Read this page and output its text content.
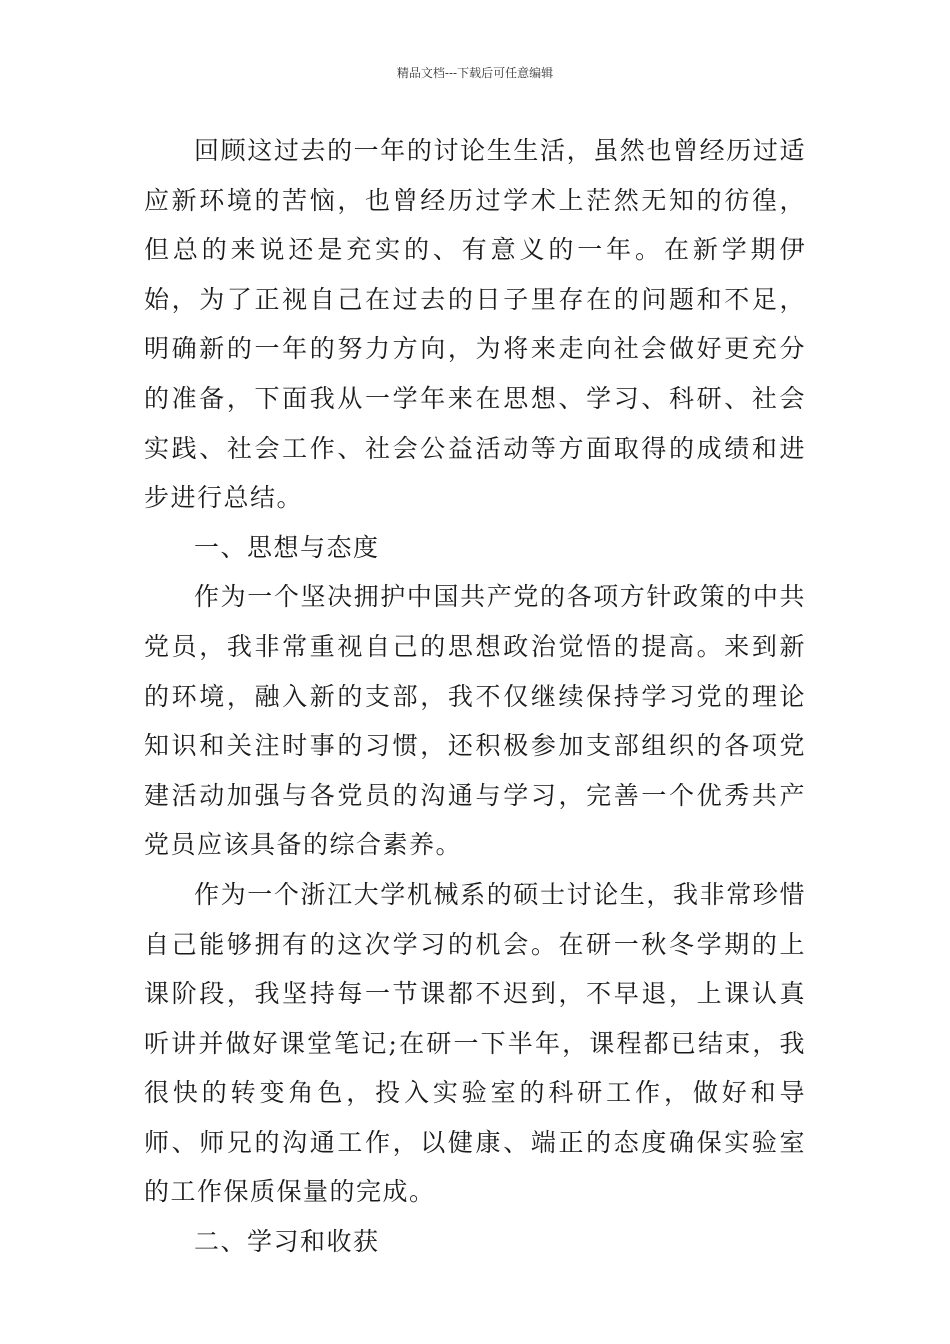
精品文档---下载后可任意编辑

回顾这过去的一年的讨论生生活，虽然也曾经历过适应新环境的苦恼，也曾经历过学术上茫然无知的彷徨，但总的来说还是充实的、有意义的一年。在新学期伊始，为了正视自己在过去的日子里存在的问题和不足，明确新的一年的努力方向，为将来走向社会做好更充分的准备，下面我从一学年来在思想、学习、科研、社会实践、社会工作、社会公益活动等方面取得的成绩和进步进行总结。

一、思想与态度

作为一个坚决拥护中国共产党的各项方针政策的中共党员，我非常重视自己的思想政治觉悟的提高。来到新的环境，融入新的支部，我不仅继续保持学习党的理论知识和关注时事的习惯，还积极参加支部组织的各项党建活动加强与各党员的沟通与学习，完善一个优秀共产党员应该具备的综合素养。

作为一个浙江大学机械系的硕士讨论生，我非常珍惜自己能够拥有的这次学习的机会。在研一秋冬学期的上课阶段，我坚持每一节课都不迟到，不早退，上课认真听讲并做好课堂笔记;在研一下半年，课程都已结束，我很快的转变角色，投入实验室的科研工作，做好和导师、师兄的沟通工作，以健康、端正的态度确保实验室的工作保质保量的完成。

二、学习和收获
